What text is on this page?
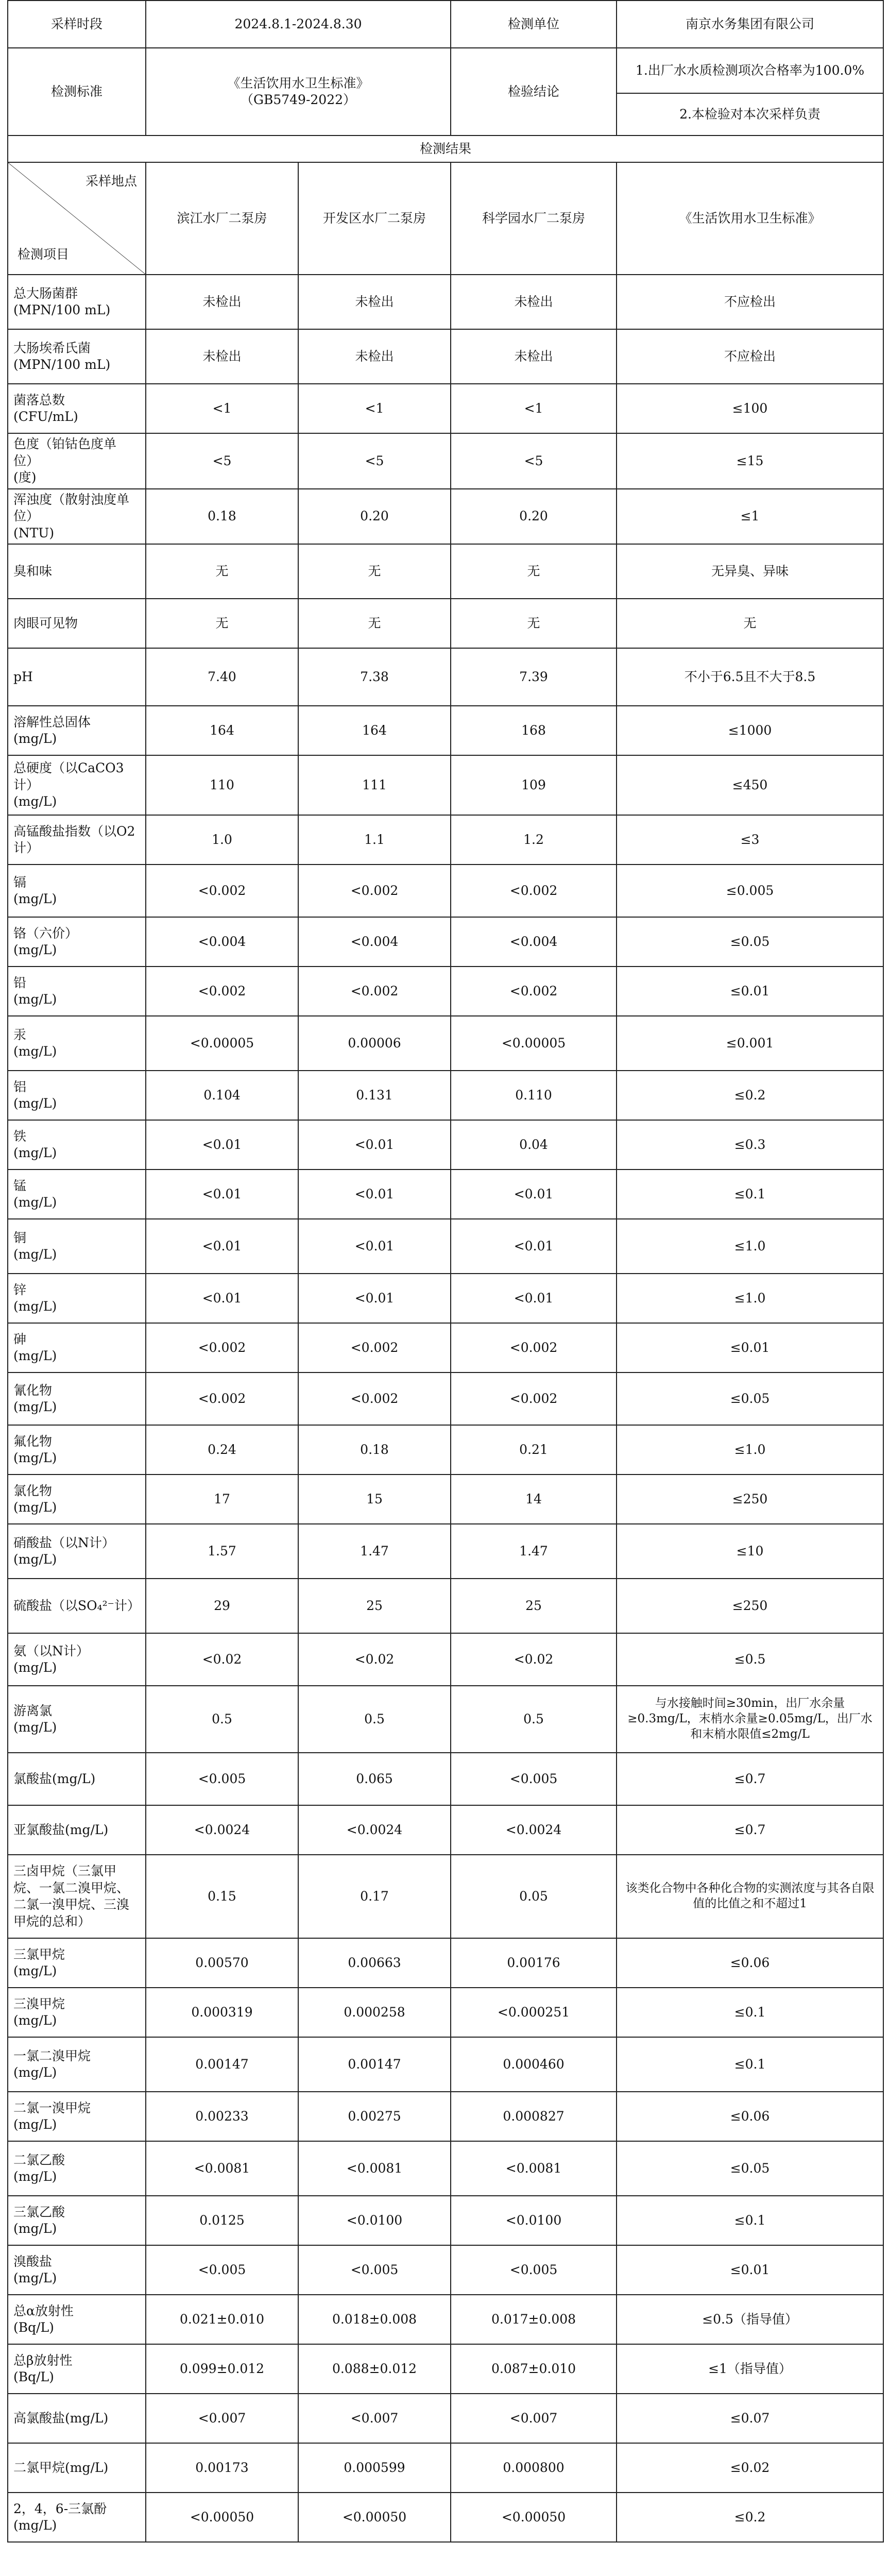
采样时段	2024.8.1-2024.8.30		检测单位	南京水务集团有限公司
检测标准	《生活饮用水卫生标准》
（GB5749-2022）		检验结论	1.出厂水水质检测项次合格率为100.0%
				2.本检验对本次采样负责
检测结果				

采样地点
检测项目	滨江水厂二泵房	开发区水厂二泵房	科学园水厂二泵房	《生活饮用水卫生标准》
总大肠菌群
(MPN/100 mL)	未检出	未检出	未检出	不应检出
大肠埃希氏菌
(MPN/100 mL)	未检出	未检出	未检出	不应检出
菌落总数
(CFU/mL)	<1	<1	<1	≤100
色度（铂钴色度单位）
(度)	<5	<5	<5	≤15
浑浊度（散射浊度单位）
(NTU)	0.18	0.20	0.20	≤1
臭和味	无	无	无	无异臭、异味
肉眼可见物	无	无	无	无
pH	7.40	7.38	7.39	不小于6.5且不大于8.5
溶解性总固体
(mg/L)	164	164	168	≤1000
总硬度（以CaCO3计）
(mg/L)	110	111	109	≤450
高锰酸盐指数（以O2计）	1.0	1.1	1.2	≤3
镉
(mg/L)	<0.002	<0.002	<0.002	≤0.005
铬（六价）
(mg/L)	<0.004	<0.004	<0.004	≤0.05
铅
(mg/L)	<0.002	<0.002	<0.002	≤0.01
汞
(mg/L)	<0.00005	0.00006	<0.00005	≤0.001
铝
(mg/L)	0.104	0.131	0.110	≤0.2
铁
(mg/L)	<0.01	<0.01	0.04	≤0.3
锰
(mg/L)	<0.01	<0.01	<0.01	≤0.1
铜
(mg/L)	<0.01	<0.01	<0.01	≤1.0
锌
(mg/L)	<0.01	<0.01	<0.01	≤1.0
砷
(mg/L)	<0.002	<0.002	<0.002	≤0.01
氰化物
(mg/L)	<0.002	<0.002	<0.002	≤0.05
氟化物
(mg/L)	0.24	0.18	0.21	≤1.0
氯化物
(mg/L)	17	15	14	≤250
硝酸盐（以N计）
(mg/L)	1.57	1.47	1.47	≤10
硫酸盐（以SO₄²⁻计）	29	25	25	≤250
氨（以N计）
(mg/L)	<0.02	<0.02	<0.02	≤0.5
游离氯
(mg/L)	0.5	0.5	0.5	与水接触时间≥30min，出厂水余量≥0.3mg/L，末梢水余量≥0.05mg/L，出厂水和末梢水限值≤2mg/L
氯酸盐(mg/L)	<0.005	0.065	<0.005	≤0.7
亚氯酸盐(mg/L)	<0.0024	<0.0024	<0.0024	≤0.7
三卤甲烷（三氯甲烷、一氯二溴甲烷、二氯一溴甲烷、三溴甲烷的总和）	0.15	0.17	0.05	该类化合物中各种化合物的实测浓度与其各自限值的比值之和不超过1
三氯甲烷
(mg/L)	0.00570	0.00663	0.00176	≤0.06
三溴甲烷
(mg/L)	0.000319	0.000258	<0.000251	≤0.1
一氯二溴甲烷
(mg/L)	0.00147	0.00147	0.000460	≤0.1
二氯一溴甲烷
(mg/L)	0.00233	0.00275	0.000827	≤0.06
二氯乙酸
(mg/L)	<0.0081	<0.0081	<0.0081	≤0.05
三氯乙酸
(mg/L)	0.0125	<0.0100	<0.0100	≤0.1
溴酸盐
(mg/L)	<0.005	<0.005	<0.005	≤0.01
总α放射性
(Bq/L)	0.021±0.010	0.018±0.008	0.017±0.008	≤0.5（指导值）
总β放射性
(Bq/L)	0.099±0.012	0.088±0.012	0.087±0.010	≤1（指导值）
高氯酸盐(mg/L)	<0.007	<0.007	<0.007	≤0.07
二氯甲烷(mg/L)	0.00173	0.000599	0.000800	≤0.02
2，4，6-三氯酚
(mg/L)	<0.00050	<0.00050	<0.00050	≤0.2
